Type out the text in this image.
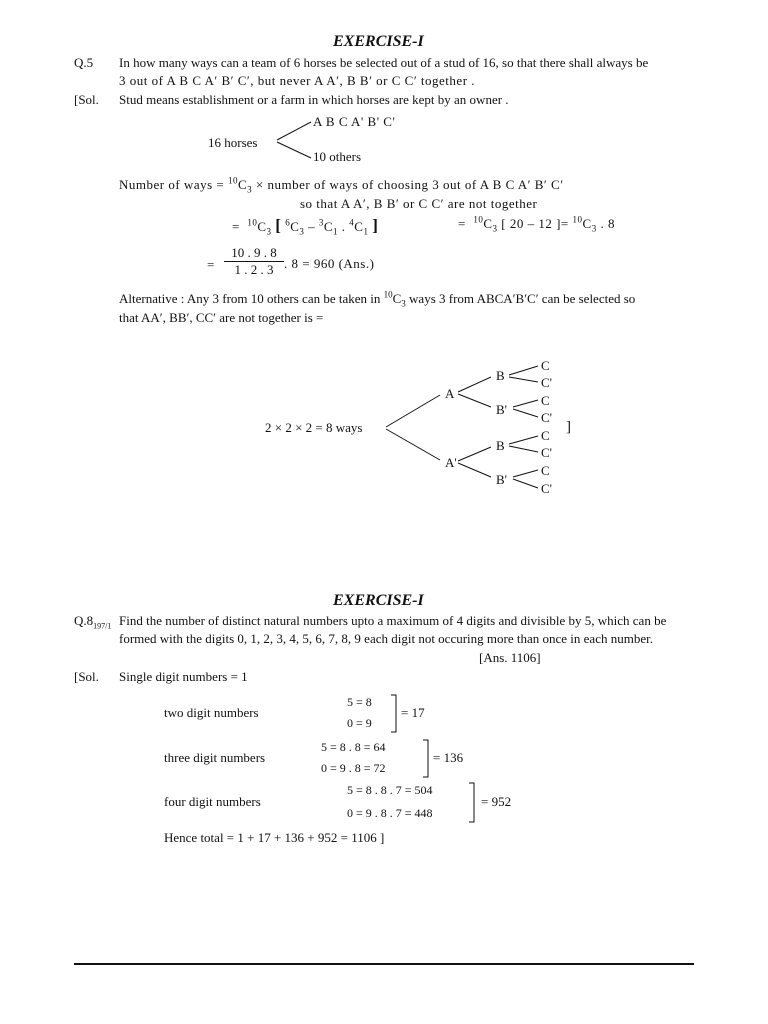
EXERCISE-I
Q.5 In how many ways can a team of 6 horses be selected out of a stud of 16, so that there shall always be
3 out of A B C A′ B′ C′, but never A A′, B B′ or C C′ together .
[Sol. Stud means establishment or a farm in which horses are kept by an owner .
16 horses
A B C A' B' C'
10 others
Number of ways = $^{10}C_3$ × number of ways of choosing 3 out of A B C A′ B′ C′
so that A A′, B B′ or C C′ are not together
= $^{10}C_3$ [ $^6C_3 - ^3C_1$ . $^4C_1$ ]	= $^{10}C_3$ [ 20 – 12 ]= $^{10}C_3$ . 8
= $\frac{10 . 9 . 8}{1 . 2 . 3}$ . 8 = 960 (Ans.)
Alternative : Any 3 from 10 others can be taken in $^{10}C_3$ ways 3 from ABCA′B′C′ can be selected so
that AA′, BB′, CC′ are not together is =
2 × 2 × 2 = 8 ways
A
A'
B
B'
B
B'
C
C'
C
C'
C
C'
C
C'
]
EXERCISE-I
$Q.8_{197/1}$ Find the number of distinct natural numbers upto a maximum of 4 digits and divisible by 5, which can be
formed with the digits 0, 1, 2, 3, 4, 5, 6, 7, 8, 9 each digit not occuring more than once in each number.
[Ans. 1106]
[Sol. Single digit numbers = 1
two digit numbers
5 = 8
0 = 9
= 17
three digit numbers
5 = 8 . 8 = 64
0 = 9 . 8 = 72
= 136
four digit numbers
5 = 8 . 8 . 7 = 504
0 = 9 . 8 . 7 = 448
= 952
Hence total = 1 + 17 + 136 + 952 = 1106 ]
